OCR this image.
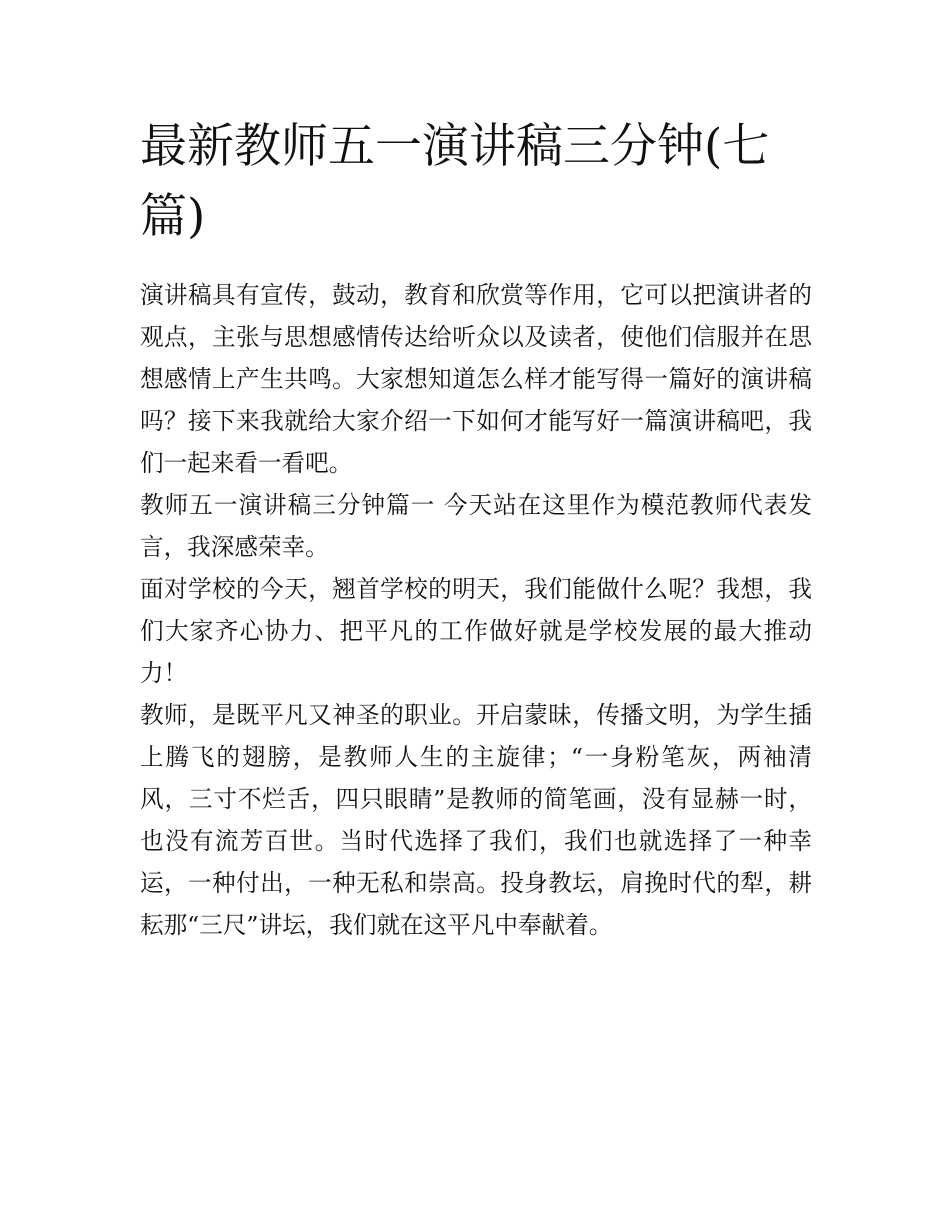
最新教师五一演讲稿三分钟(七篇)

演讲稿具有宣传，鼓动，教育和欣赏等作用，它可以把演讲者的观点，主张与思想感情传达给听众以及读者，使他们信服并在思想感情上产生共鸣。大家想知道怎么样才能写得一篇好的演讲稿吗？接下来我就给大家介绍一下如何才能写好一篇演讲稿吧，我们一起来看一看吧。

教师五一演讲稿三分钟篇一 今天站在这里作为模范教师代表发言，我深感荣幸。

面对学校的今天，翘首学校的明天，我们能做什么呢？我想，我们大家齐心协力、把平凡的工作做好就是学校发展的最大推动力！

教师，是既平凡又神圣的职业。开启蒙昧，传播文明，为学生插上腾飞的翅膀，是教师人生的主旋律；“一身粉笔灰，两袖清风，三寸不烂舌，四只眼睛”是教师的简笔画，没有显赫一时，也没有流芳百世。当时代选择了我们，我们也就选择了一种幸运，一种付出，一种无私和崇高。投身教坛，肩挽时代的犁，耕耘那“三尺”讲坛，我们就在这平凡中奉献着。
